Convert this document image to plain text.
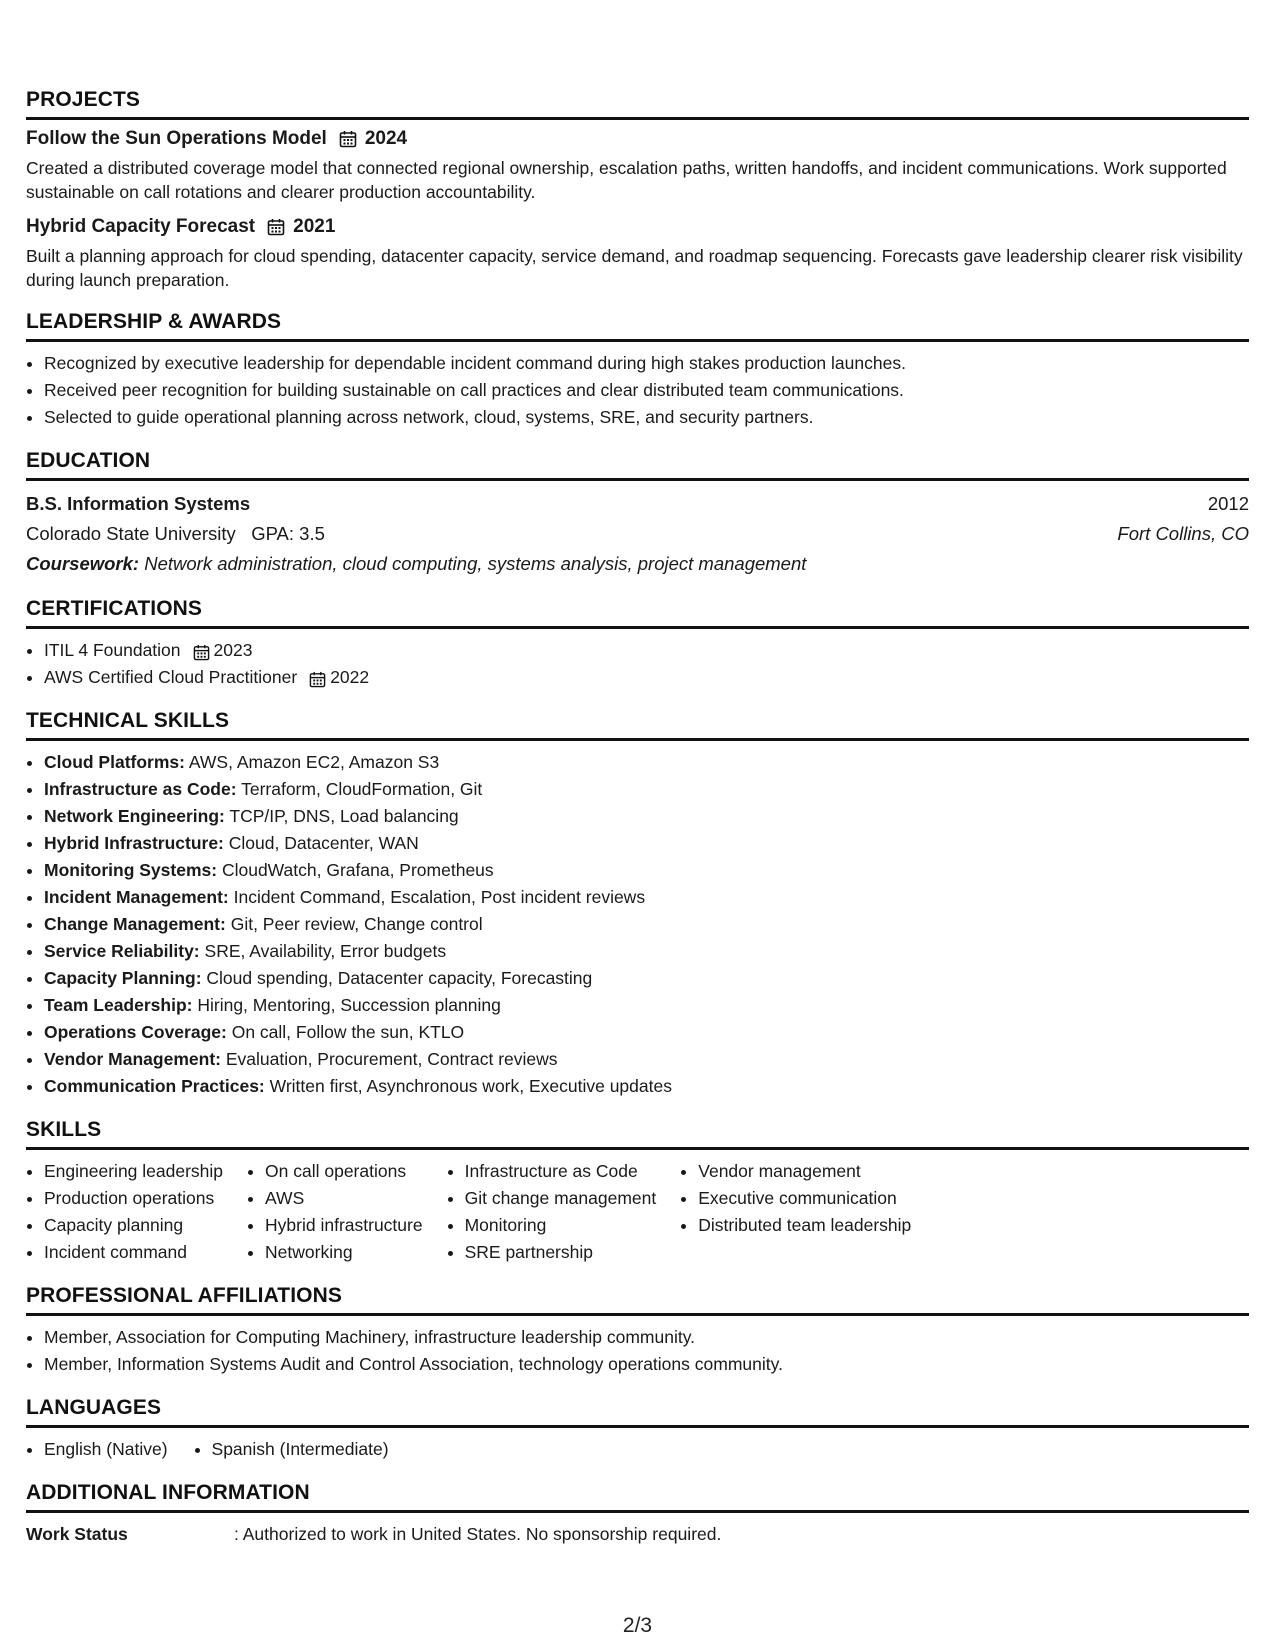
PROJECTS
Follow the Sun Operations Model 2024
Created a distributed coverage model that connected regional ownership, escalation paths, written handoffs, and incident communications. Work supported sustainable on call rotations and clearer production accountability.
Hybrid Capacity Forecast 2021
Built a planning approach for cloud spending, datacenter capacity, service demand, and roadmap sequencing. Forecasts gave leadership clearer risk visibility during launch preparation.
LEADERSHIP & AWARDS
• Recognized by executive leadership for dependable incident command during high stakes production launches.
• Received peer recognition for building sustainable on call practices and clear distributed team communications.
• Selected to guide operational planning across network, cloud, systems, SRE, and security partners.
EDUCATION
B.S. Information Systems	2012
Colorado State University GPA: 3.5	Fort Collins, CO
Coursework: Network administration, cloud computing, systems analysis, project management
CERTIFICATIONS
• ITIL 4 Foundation 2023
• AWS Certified Cloud Practitioner 2022
TECHNICAL SKILLS
• Cloud Platforms: AWS, Amazon EC2, Amazon S3
• Infrastructure as Code: Terraform, CloudFormation, Git
• Network Engineering: TCP/IP, DNS, Load balancing
• Hybrid Infrastructure: Cloud, Datacenter, WAN
• Monitoring Systems: CloudWatch, Grafana, Prometheus
• Incident Management: Incident Command, Escalation, Post incident reviews
• Change Management: Git, Peer review, Change control
• Service Reliability: SRE, Availability, Error budgets
• Capacity Planning: Cloud spending, Datacenter capacity, Forecasting
• Team Leadership: Hiring, Mentoring, Succession planning
• Operations Coverage: On call, Follow the sun, KTLO
• Vendor Management: Evaluation, Procurement, Contract reviews
• Communication Practices: Written first, Asynchronous work, Executive updates
SKILLS
• Engineering leadership
• Production operations
• Capacity planning
• Incident command
• On call operations
• AWS
• Hybrid infrastructure
• Networking
• Infrastructure as Code
• Git change management
• Monitoring
• SRE partnership
• Vendor management
• Executive communication
• Distributed team leadership
PROFESSIONAL AFFILIATIONS
• Member, Association for Computing Machinery, infrastructure leadership community.
• Member, Information Systems Audit and Control Association, technology operations community.
LANGUAGES
• English (Native)
•	Spanish (Intermediate)
ADDITIONAL INFORMATION
Work Status	: Authorized to work in United States. No sponsorship required.
2/3
